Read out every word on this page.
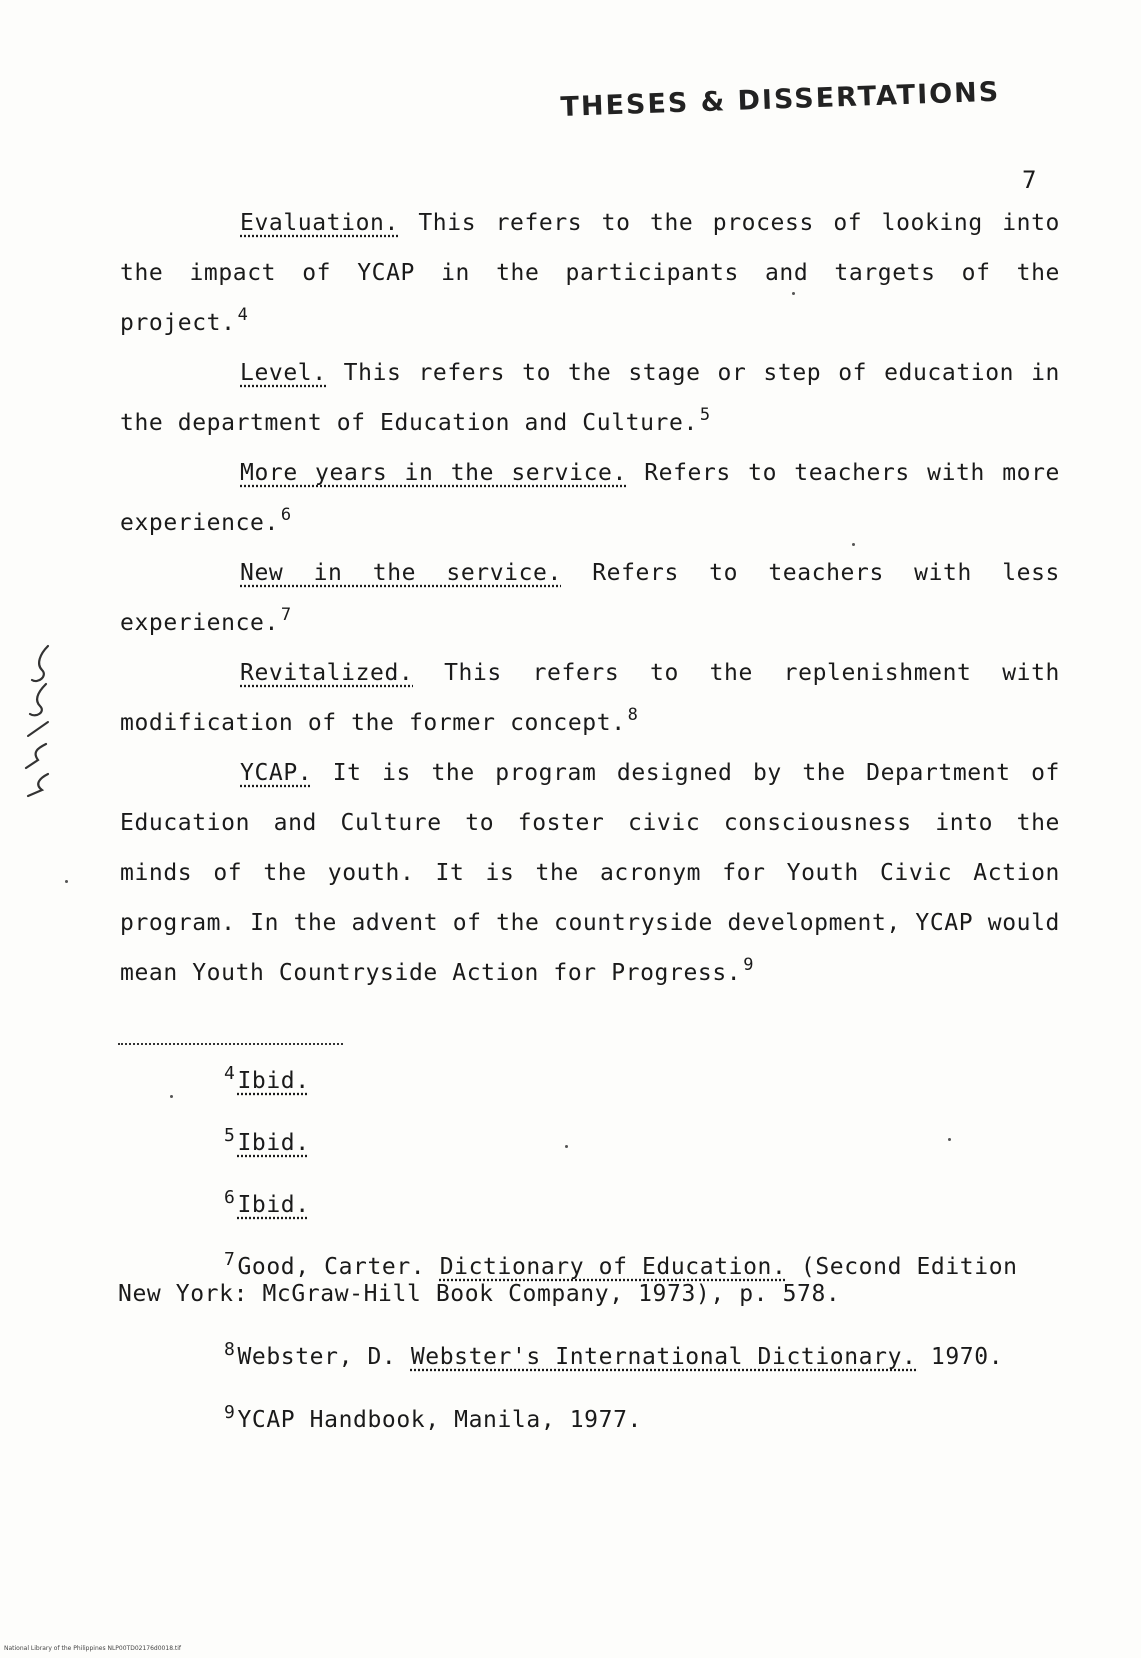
THESES & DISSERTATIONS
7

Evaluation. This refers to the process of looking into the impact of YCAP in the participants and targets of the project. $^4$

Level. This refers to the stage or step of education in the department of Education and Culture. $^5$

More years in the service. Refers to teachers with more experience. $^6$

New in the service. Refers to teachers with less experience. $^7$

Revitalized. This refers to the replenishment with modification of the former concept. $^8$

YCAP. It is the program designed by the Department of Education and Culture to foster civic consciousness into the minds of the youth. It is the acronym for Youth Civic Action program. In the advent of the countryside development, YCAP would mean Youth Countryside Action for Progress. $^9$

$^4$Ibid.

$^5$Ibid.

$^6$Ibid.

$^7$Good, Carter. Dictionary of Education. (Second Edition
New York: McGraw-Hill Book Company, 1973), p. 578.

$^8$Webster, D. Webster's International Dictionary. 1970.

$^9$YCAP Handbook, Manila, 1977.

National Library of the Philippines NLP00TD02176d0018.tif
